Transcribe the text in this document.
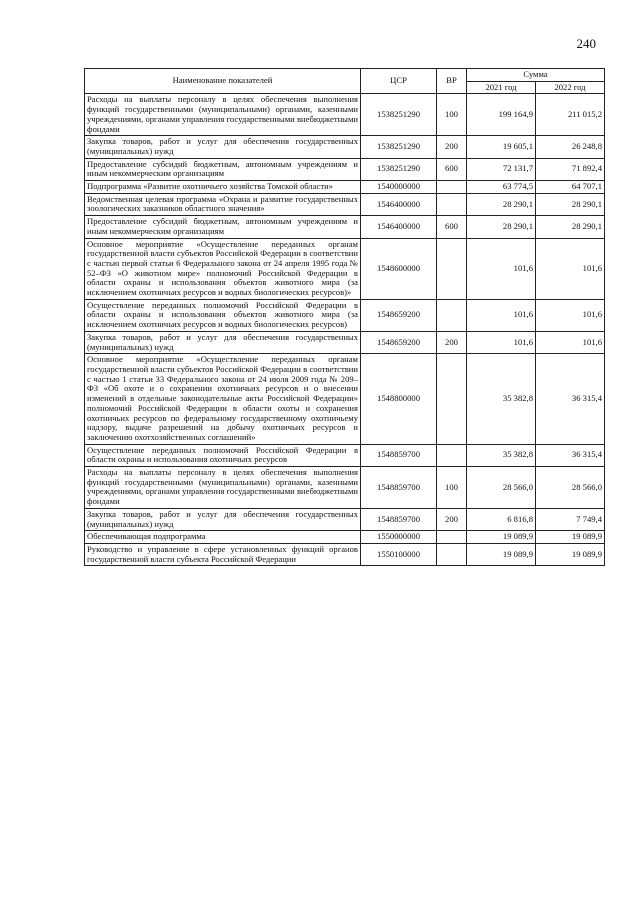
240
Наименование показателей	ЦСР	ВР	Сумма	
			2021 год	2022 год
Расходы на выплаты персоналу в целях обеспечения выполнения функций государственными (муниципальными) органами, казенными учреждениями, органами управления государственными внебюджетными фондами	1538251290	100	199 164,9	211 015,2
Закупка товаров, работ и услуг для обеспечения государственных (муниципальных) нужд	1538251290	200	19 605,1	26 248,8
Предоставление субсидий бюджетным, автономным учреждениям и иным некоммерческим организациям	1538251290	600	72 131,7	71 892,4
Подпрограмма «Развитие охотничьего хозяйства Томской области»	1540000000		63 774,5	64 707,1
Ведомственная целевая программа «Охрана и развитие государственных зоологических заказников областного значения»	1546400000		28 290,1	28 290,1
Предоставление субсидий бюджетным, автономным учреждениям и иным некоммерческим организациям	1546400000	600	28 290,1	28 290,1
Основное мероприятие «Осуществление переданных органам государственной власти субъектов Российской Федерации в соответствии с частью первой статьи 6 Федерального закона от 24 апреля 1995 года № 52–ФЗ «О животном мире» полномочий Российской Федерации в области охраны и использования объектов животного мира (за исключением охотничьих ресурсов и водных биологических ресурсов)»	1548600000		101,6	101,6
Осуществление переданных полномочий Российской Федерации в области охраны и использования объектов животного мира (за исключением охотничьих ресурсов и водных биологических ресурсов)	1548659200		101,6	101,6
Закупка товаров, работ и услуг для обеспечения государственных (муниципальных) нужд	1548659200	200	101,6	101,6
Основное мероприятие «Осуществление переданных органам государственной власти субъектов Российской Федерации в соответствии с частью 1 статьи 33 Федерального закона от 24 июля 2009 года № 209–ФЗ «Об охоте и о сохранении охотничьих ресурсов и о внесении изменений в отдельные законодательные акты Российской Федерации» полномочий Российской Федерации в области охоты и сохранения охотничьих ресурсов по федеральному государственному охотничьему надзору, выдаче разрешений на добычу охотничьих ресурсов и заключению охотхозяйственных соглашений»	1548800000		35 382,8	36 315,4
Осуществление переданных полномочий Российской Федерации в области охраны и использования охотничьих ресурсов	1548859700		35 382,8	36 315,4
Расходы на выплаты персоналу в целях обеспечения выполнения функций государственными (муниципальными) органами, казенными учреждениями, органами управления государственными внебюджетными фондами	1548859700	100	28 566,0	28 566,0
Закупка товаров, работ и услуг для обеспечения государственных (муниципальных) нужд	1548859700	200	6 816,8	7 749,4
Обеспечивающая подпрограмма	1550000000		19 089,9	19 089,9
Руководство и управление в сфере установленных функций органов государственной власти субъекта Российской Федерации	1550100000		19 089,9	19 089,9
